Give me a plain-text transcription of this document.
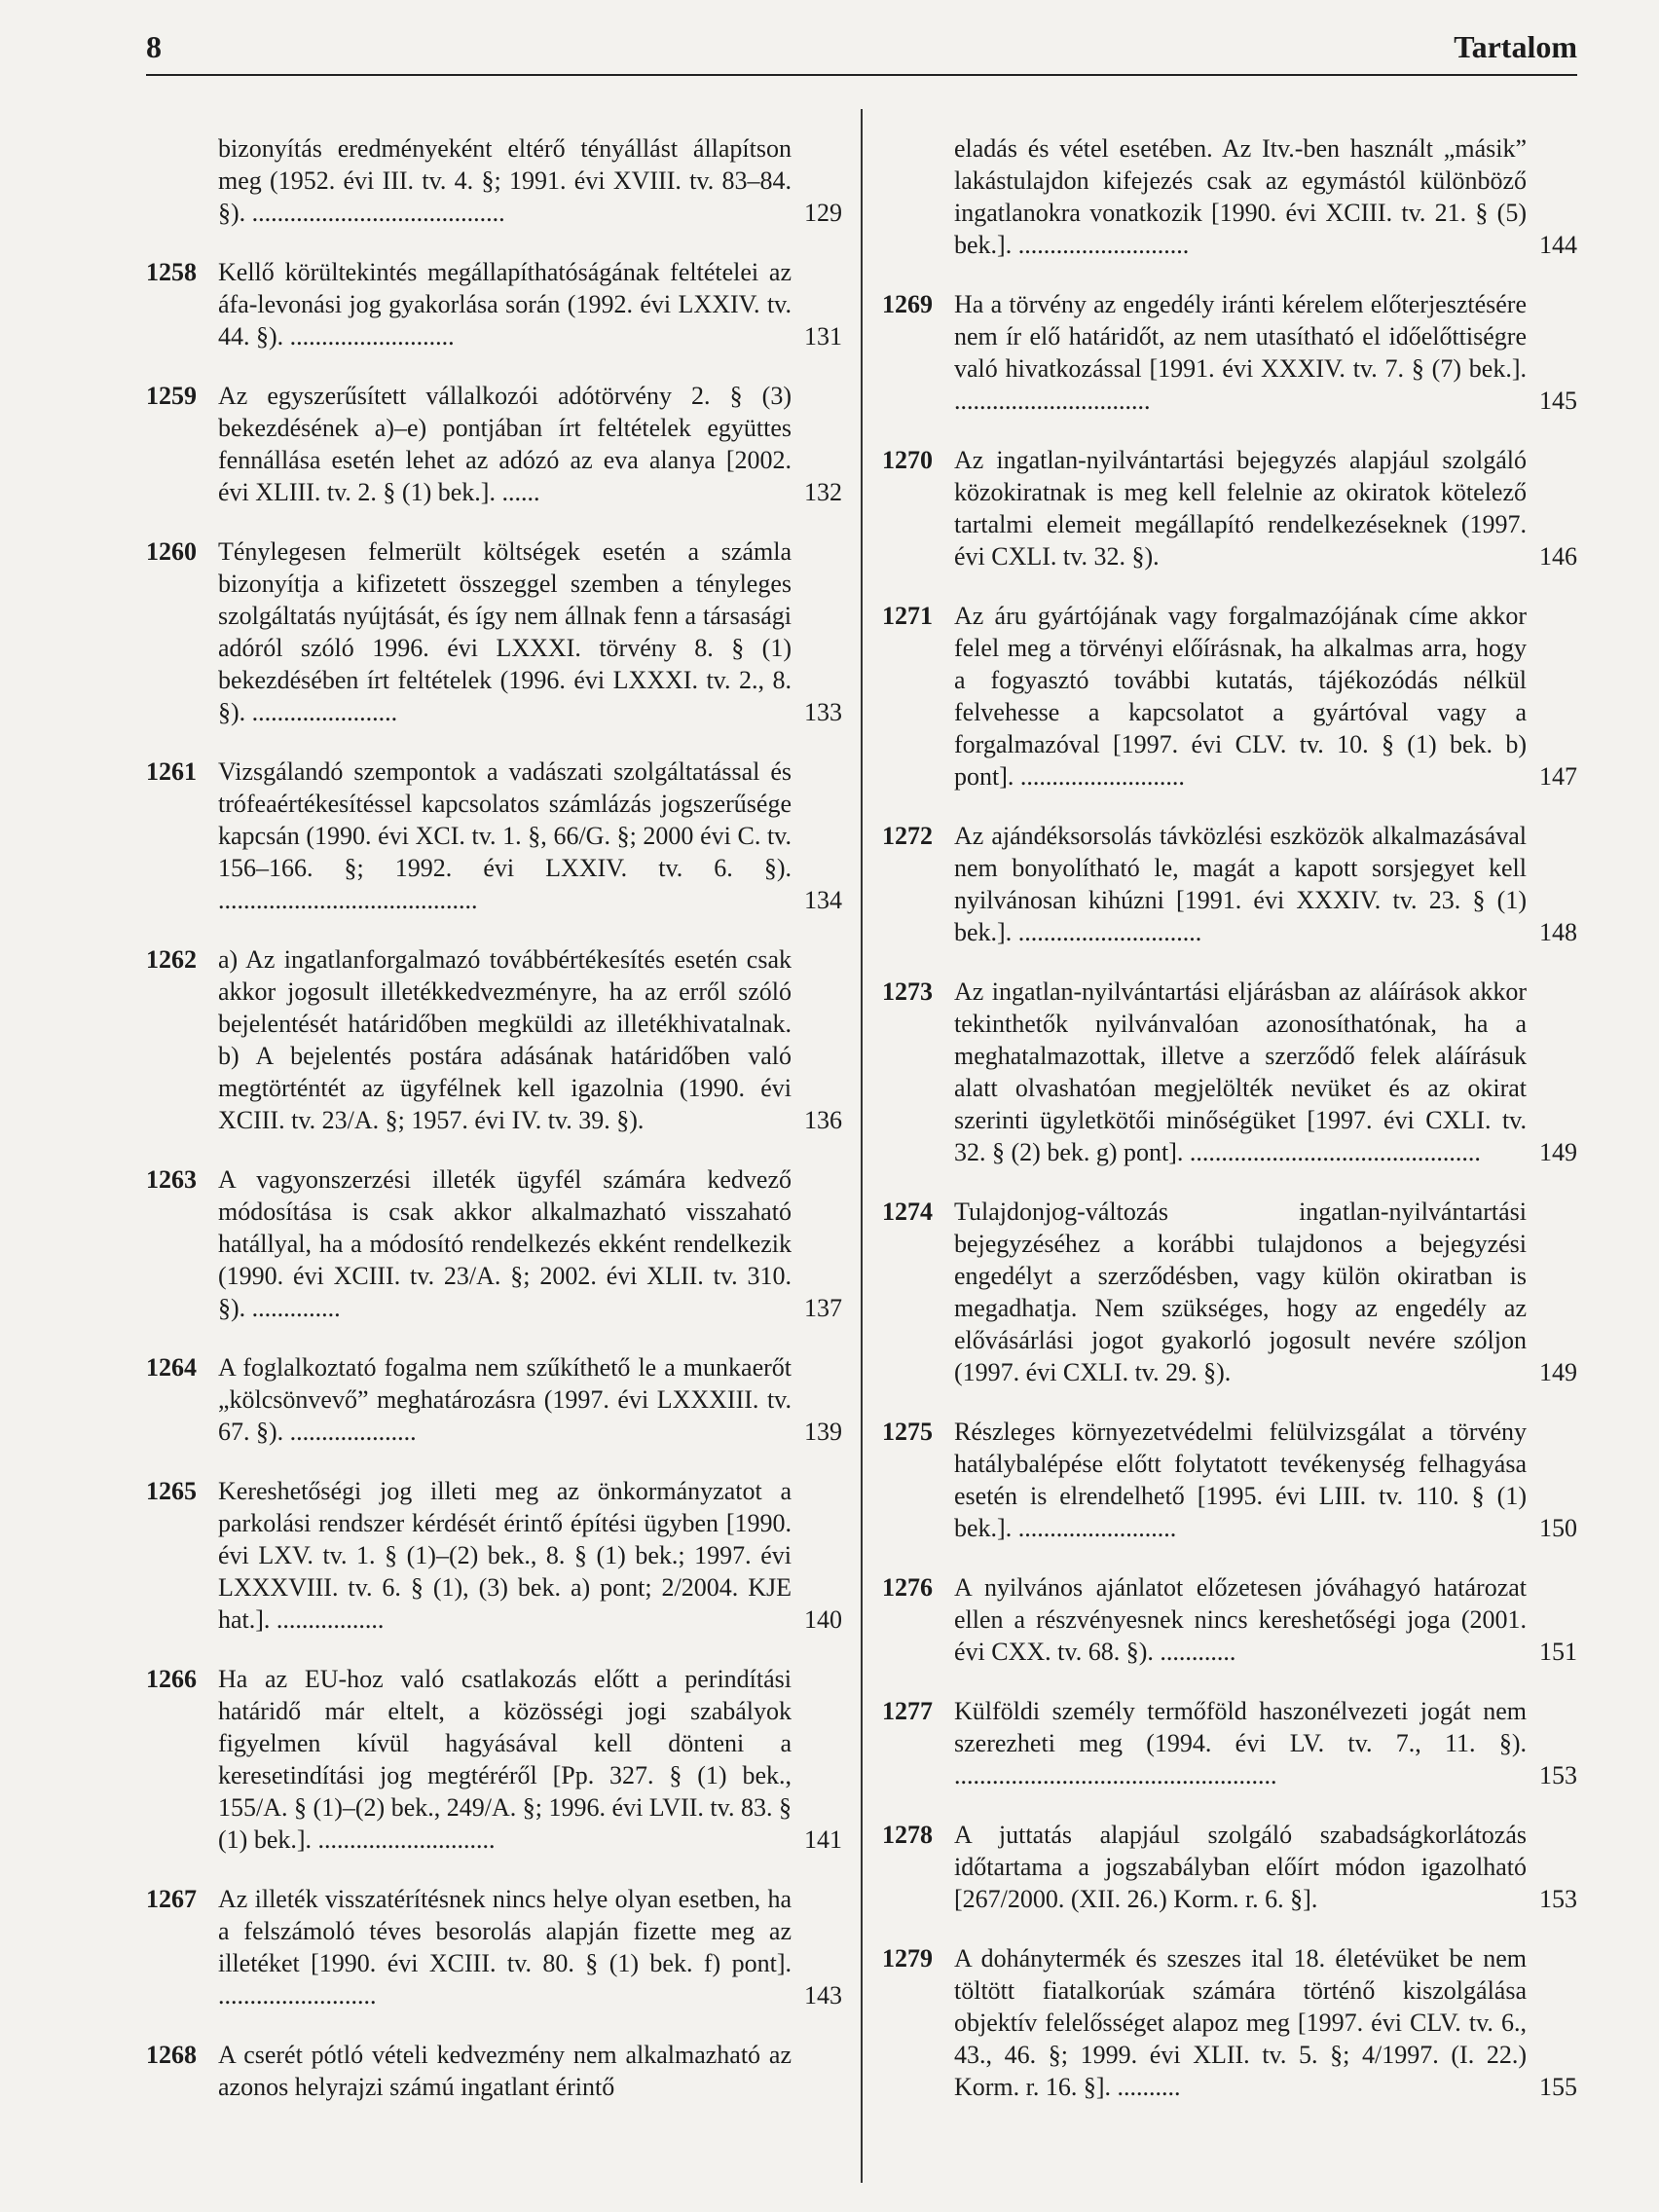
8	Tartalom
bizonyítás eredményeként eltérő tényállást állapítson meg (1952. évi III. tv. 4. §; 1991. évi XVIII. tv. 83–84. §). ........................................	129
1258 Kellő körültekintés megállapíthatóságának feltételei az áfa-levonási jog gyakorlása során (1992. évi LXXIV. tv. 44. §). ..........................	131
1259 Az egyszerűsített vállalkozói adótörvény 2. § (3) bekezdésének a)–e) pontjában írt feltételek együttes fennállása esetén lehet az adózó az eva alanya [2002. évi XLIII. tv. 2. § (1) bek.]. ......	132
1260 Ténylegesen felmerült költségek esetén a számla bizonyítja a kifizetett összeggel szemben a tényleges szolgáltatás nyújtását, és így nem állnak fenn a társasági adóról szóló 1996. évi LXXXI. törvény 8. § (1) bekezdésében írt feltételek (1996. évi LXXXI. tv. 2., 8. §). .......................	133
1261 Vizsgálandó szempontok a vadászati szolgáltatással és trófeaértékesítéssel kapcsolatos számlázás jogszerűsége kapcsán (1990. évi XCI. tv. 1. §, 66/G. §; 2000 évi C. tv. 156–166. §; 1992. évi LXXIV. tv. 6. §). .........................................	134
1262 a) Az ingatlanforgalmazó továbbértékesítés esetén csak akkor jogosult illetékkedvezményre, ha az erről szóló bejelentését határidőben megküldi az illetékhivatalnak. b) A bejelentés postára adásának határidőben való megtörténtét az ügyfélnek kell igazolnia (1990. évi XCIII. tv. 23/A. §; 1957. évi IV. tv. 39. §).	136
1263 A vagyonszerzési illeték ügyfél számára kedvező módosítása is csak akkor alkalmazható visszaható hatállyal, ha a módosító rendelkezés ekként rendelkezik (1990. évi XCIII. tv. 23/A. §; 2002. évi XLII. tv. 310. §). ..............	137
1264 A foglalkoztató fogalma nem szűkíthető le a munkaerőt „kölcsönvevő” meghatározásra (1997. évi LXXXIII. tv. 67. §). ....................	139
1265 Kereshetőségi jog illeti meg az önkormányzatot a parkolási rendszer kérdését érintő építési ügyben [1990. évi LXV. tv. 1. § (1)–(2) bek., 8. § (1) bek.; 1997. évi LXXXVIII. tv. 6. § (1), (3) bek. a) pont; 2/2004. KJE hat.]. .................	140
1266 Ha az EU-hoz való csatlakozás előtt a perindítási határidő már eltelt, a közösségi jogi szabályok figyelmen kívül hagyásával kell dönteni a keresetindítási jog megtéréről [Pp. 327. § (1) bek., 155/A. § (1)–(2) bek., 249/A. §; 1996. évi LVII. tv. 83. § (1) bek.]. ............................	141
1267 Az illeték visszatérítésnek nincs helye olyan esetben, ha a felszámoló téves besorolás alapján fizette meg az illetéket [1990. évi XCIII. tv. 80. § (1) bek. f) pont]. .........................	143
1268 A cserét pótló vételi kedvezmény nem alkalmazható az azonos helyrajzi számú ingatlant érintő
eladás és vétel esetében. Az Itv.-ben használt „másik” lakástulajdon kifejezés csak az egymástól különböző ingatlanokra vonatkozik [1990. évi XCIII. tv. 21. § (5) bek.]. ...........................	144
1269 Ha a törvény az engedély iránti kérelem előterjesztésére nem ír elő határidőt, az nem utasítható el időelőttiségre való hivatkozással [1991. évi XXXIV. tv. 7. § (7) bek.]. ...............................	145
1270 Az ingatlan-nyilvántartási bejegyzés alapjául szolgáló közokiratnak is meg kell felelnie az okiratok kötelező tartalmi elemeit megállapító rendelkezéseknek (1997. évi CXLI. tv. 32. §).	146
1271 Az áru gyártójának vagy forgalmazójának címe akkor felel meg a törvényi előírásnak, ha alkalmas arra, hogy a fogyasztó további kutatás, tájékozódás nélkül felvehesse a kapcsolatot a gyártóval vagy a forgalmazóval [1997. évi CLV. tv. 10. § (1) bek. b) pont]. ..........................	147
1272 Az ajándéksorsolás távközlési eszközök alkalmazásával nem bonyolítható le, magát a kapott sorsjegyet kell nyilvánosan kihúzni [1991. évi XXXIV. tv. 23. § (1) bek.]. .............................	148
1273 Az ingatlan-nyilvántartási eljárásban az aláírások akkor tekinthetők nyilvánvalóan azonosíthatónak, ha a meghatalmazottak, illetve a szerződő felek aláírásuk alatt olvashatóan megjelölték nevüket és az okirat szerinti ügyletkötői minőségüket [1997. évi CXLI. tv. 32. § (2) bek. g) pont]. ..............................................	149
1274 Tulajdonjog-változás ingatlan-nyilvántartási bejegyzéséhez a korábbi tulajdonos a bejegyzési engedélyt a szerződésben, vagy külön okiratban is megadhatja. Nem szükséges, hogy az engedély az elővásárlási jogot gyakorló jogosult nevére szóljon (1997. évi CXLI. tv. 29. §).	149
1275 Részleges környezetvédelmi felülvizsgálat a törvény hatálybalépése előtt folytatott tevékenység felhagyása esetén is elrendelhető [1995. évi LIII. tv. 110. § (1) bek.]. .........................	150
1276 A nyilvános ajánlatot előzetesen jóváhagyó határozat ellen a részvényesnek nincs kereshetőségi joga (2001. évi CXX. tv. 68. §). ............	151
1277 Külföldi személy termőföld haszonélvezeti jogát nem szerezheti meg (1994. évi LV. tv. 7., 11. §). ...................................................	153
1278 A juttatás alapjául szolgáló szabadságkorlátozás időtartama a jogszabályban előírt módon igazolható [267/2000. (XII. 26.) Korm. r. 6. §].	153
1279 A dohánytermék és szeszes ital 18. életévüket be nem töltött fiatalkorúak számára történő kiszolgálása objektív felelősséget alapoz meg [1997. évi CLV. tv. 6., 43., 46. §; 1999. évi XLII. tv. 5. §; 4/1997. (I. 22.) Korm. r. 16. §]. ..........	155
